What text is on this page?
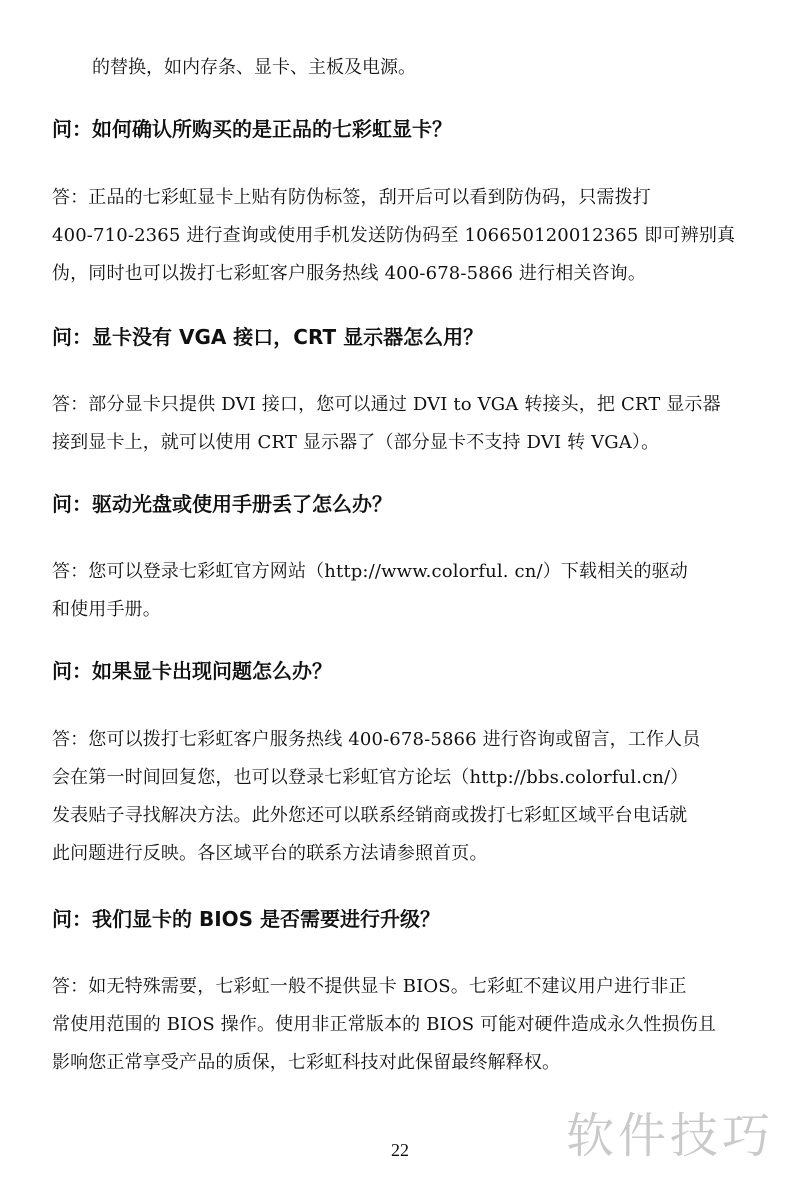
的替换，如内存条、显卡、主板及电源。

问：如何确认所购买的是正品的七彩虹显卡？

答：正品的七彩虹显卡上贴有防伪标签，刮开后可以看到防伪码，只需拨打
400-710-2365 进行查询或使用手机发送防伪码至 106650120012365 即可辨别真
伪，同时也可以拨打七彩虹客户服务热线 400-678-5866 进行相关咨询。

问：显卡没有 VGA 接口，CRT 显示器怎么用？

答：部分显卡只提供 DVI 接口，您可以通过 DVI to VGA 转接头，把 CRT 显示器
接到显卡上，就可以使用 CRT 显示器了（部分显卡不支持 DVI 转 VGA）。

问：驱动光盘或使用手册丢了怎么办？

答：您可以登录七彩虹官方网站（http://www.colorful. cn/）下载相关的驱动
和使用手册。

问：如果显卡出现问题怎么办？

答：您可以拨打七彩虹客户服务热线 400-678-5866 进行咨询或留言，工作人员
会在第一时间回复您，也可以登录七彩虹官方论坛（http://bbs.colorful.cn/）
发表贴子寻找解决方法。此外您还可以联系经销商或拨打七彩虹区域平台电话就
此问题进行反映。各区域平台的联系方法请参照首页。

问：我们显卡的 BIOS 是否需要进行升级？

答：如无特殊需要，七彩虹一般不提供显卡 BIOS。七彩虹不建议用户进行非正
常使用范围的 BIOS 操作。使用非正常版本的 BIOS 可能对硬件造成永久性损伤且
影响您正常享受产品的质保，七彩虹科技对此保留最终解释权。
22	软件技巧
